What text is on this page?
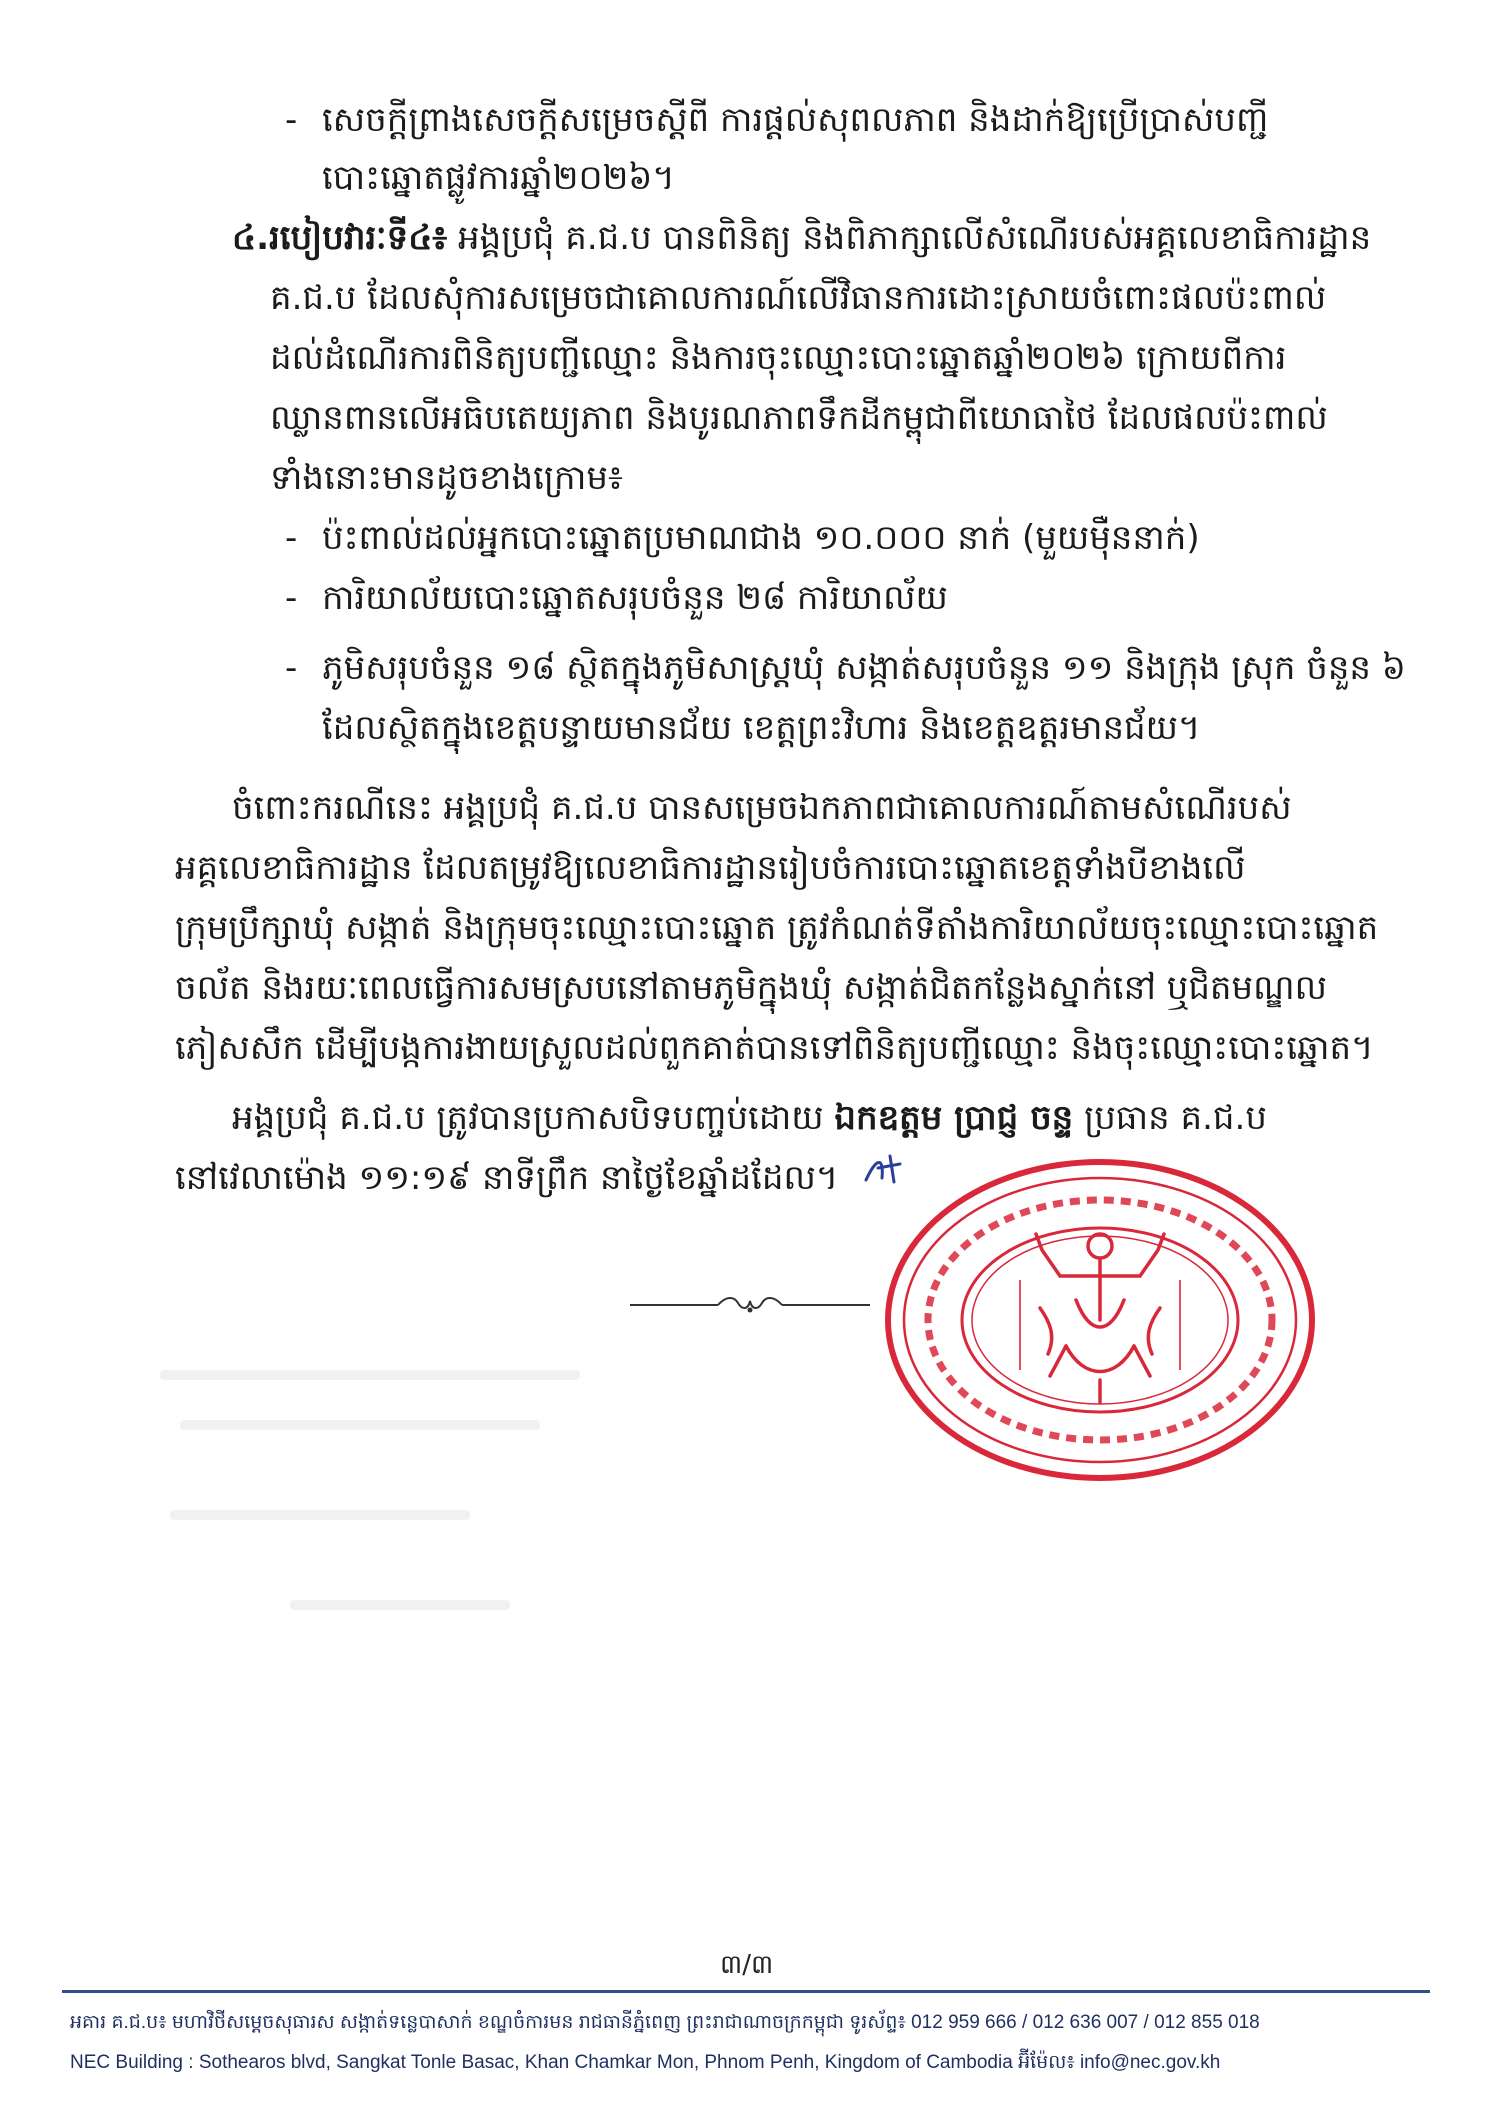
- សេចក្តីព្រាងសេចក្តីសម្រេចស្តីពី ការផ្តល់សុពលភាព និងដាក់ឱ្យប្រើប្រាស់បញ្ជី
បោះឆ្នោតផ្លូវការឆ្នាំ២០២៦។
៤.របៀបវារៈទី៤៖ អង្គប្រជុំ គ.ជ.ប បានពិនិត្យ និងពិភាក្សាលើសំណើរបស់អគ្គលេខាធិការដ្ឋាន
គ.ជ.ប ដែលសុំការសម្រេចជាគោលការណ៍លើវិធានការដោះស្រាយចំពោះផលប៉ះពាល់
ដល់ដំណើរការពិនិត្យបញ្ជីឈ្មោះ និងការចុះឈ្មោះបោះឆ្នោតឆ្នាំ២០២៦ ក្រោយពីការ
ឈ្លានពានលើអធិបតេយ្យភាព និងបូរណភាពទឹកដីកម្ពុជាពីយោធាថៃ ដែលផលប៉ះពាល់
ទាំងនោះមានដូចខាងក្រោម៖
- ប៉ះពាល់ដល់អ្នកបោះឆ្នោតប្រមាណជាង ១០.០០០ នាក់ (មួយម៉ឺននាក់)
- ការិយាល័យបោះឆ្នោតសរុបចំនួន ២៨ ការិយាល័យ
- ភូមិសរុបចំនួន ១៨ ស្ថិតក្នុងភូមិសាស្ត្រឃុំ សង្កាត់សរុបចំនួន ១១ និងក្រុង ស្រុក ចំនួន ៦
ដែលស្ថិតក្នុងខេត្តបន្ទាយមានជ័យ ខេត្តព្រះវិហារ និងខេត្តឧត្តរមានជ័យ។
ចំពោះករណីនេះ អង្គប្រជុំ គ.ជ.ប បានសម្រេចឯកភាពជាគោលការណ៍តាមសំណើរបស់
អគ្គលេខាធិការដ្ឋាន ដែលតម្រូវឱ្យលេខាធិការដ្ឋានរៀបចំការបោះឆ្នោតខេត្តទាំងបីខាងលើ
ក្រុមប្រឹក្សាឃុំ សង្កាត់ និងក្រុមចុះឈ្មោះបោះឆ្នោត ត្រូវកំណត់ទីតាំងការិយាល័យចុះឈ្មោះបោះឆ្នោត
ចល័ត និងរយៈពេលធ្វើការសមស្របនៅតាមភូមិក្នុងឃុំ សង្កាត់ជិតកន្លែងស្នាក់នៅ ឬជិតមណ្ឌល
ភៀសសឹក ដើម្បីបង្កការងាយស្រួលដល់ពួកគាត់បានទៅពិនិត្យបញ្ជីឈ្មោះ និងចុះឈ្មោះបោះឆ្នោត។
អង្គប្រជុំ គ.ជ.ប ត្រូវបានប្រកាសបិទបញ្ចប់ដោយ ឯកឧត្តម ប្រាជ្ញ ចន្ទ ប្រធាន គ.ជ.ប
នៅវេលាម៉ោង ១១:១៩ នាទីព្រឹក នាថ្ងៃខែឆ្នាំដដែល។
៣/៣
អគារ គ.ជ.ប៖ មហាវិថីសម្តេចសុធារស សង្កាត់ទន្លេបាសាក់ ខណ្ឌចំការមន រាជធានីភ្នំពេញ ព្រះរាជាណាចក្រកម្ពុជា ទូរស័ព្ទ៖ 012 959 666 / 012 636 007 / 012 855 018
NEC Building : Sothearos blvd, Sangkat Tonle Basac, Khan Chamkar Mon, Phnom Penh, Kingdom of Cambodia អ៊ីម៉ែល៖ info@nec.gov.kh
